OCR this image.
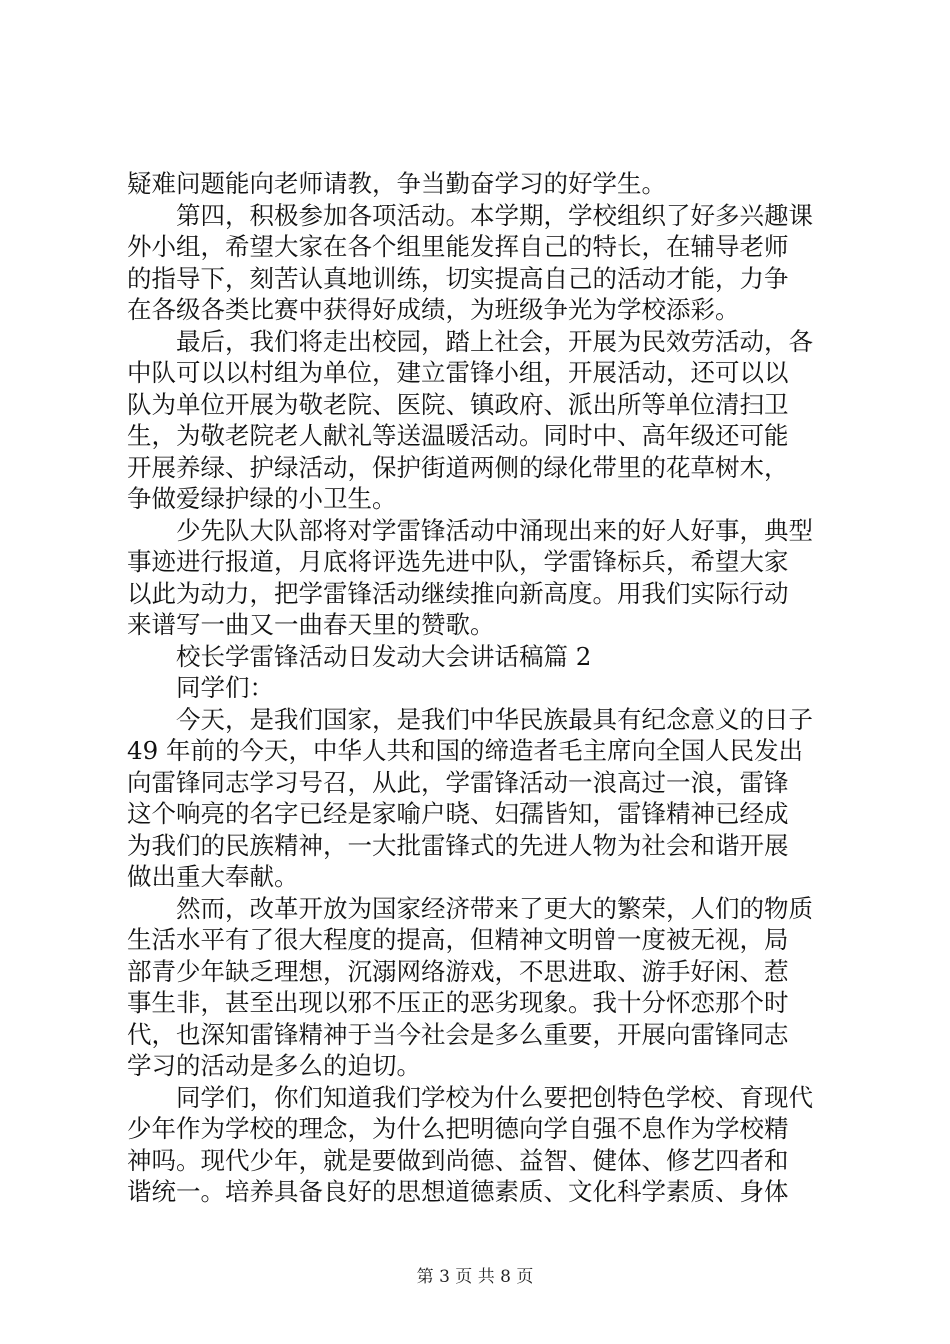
疑难问题能向老师请教，争当勤奋学习的好学生。
　　第四，积极参加各项活动。本学期，学校组织了好多兴趣课
外小组，希望大家在各个组里能发挥自己的特长，在辅导老师
的指导下，刻苦认真地训练，切实提高自己的活动才能，力争
在各级各类比赛中获得好成绩，为班级争光为学校添彩。
　　最后，我们将走出校园，踏上社会，开展为民效劳活动，各
中队可以以村组为单位，建立雷锋小组，开展活动，还可以以
队为单位开展为敬老院、医院、镇政府、派出所等单位清扫卫
生，为敬老院老人献礼等送温暖活动。同时中、高年级还可能
开展养绿、护绿活动，保护街道两侧的绿化带里的花草树木，
争做爱绿护绿的小卫生。
　　少先队大队部将对学雷锋活动中涌现出来的好人好事，典型
事迹进行报道，月底将评选先进中队，学雷锋标兵，希望大家
以此为动力，把学雷锋活动继续推向新高度。用我们实际行动
来谱写一曲又一曲春天里的赞歌。
　　校长学雷锋活动日发动大会讲话稿篇 2
　　同学们：
　　今天，是我们国家，是我们中华民族最具有纪念意义的日子
49 年前的今天，中华人共和国的缔造者毛主席向全国人民发出
向雷锋同志学习号召，从此，学雷锋活动一浪高过一浪，雷锋
这个响亮的名字已经是家喻户晓、妇孺皆知，雷锋精神已经成
为我们的民族精神，一大批雷锋式的先进人物为社会和谐开展
做出重大奉献。
　　然而，改革开放为国家经济带来了更大的繁荣，人们的物质
生活水平有了很大程度的提高，但精神文明曾一度被无视，局
部青少年缺乏理想，沉溺网络游戏，不思进取、游手好闲、惹
事生非，甚至出现以邪不压正的恶劣现象。我十分怀恋那个时
代，也深知雷锋精神于当今社会是多么重要，开展向雷锋同志
学习的活动是多么的迫切。
　　同学们，你们知道我们学校为什么要把创特色学校、育现代
少年作为学校的理念，为什么把明德向学自强不息作为学校精
神吗。现代少年，就是要做到尚德、益智、健体、修艺四者和
谐统一。培养具备良好的思想道德素质、文化科学素质、身体
第 3 页 共 8 页
